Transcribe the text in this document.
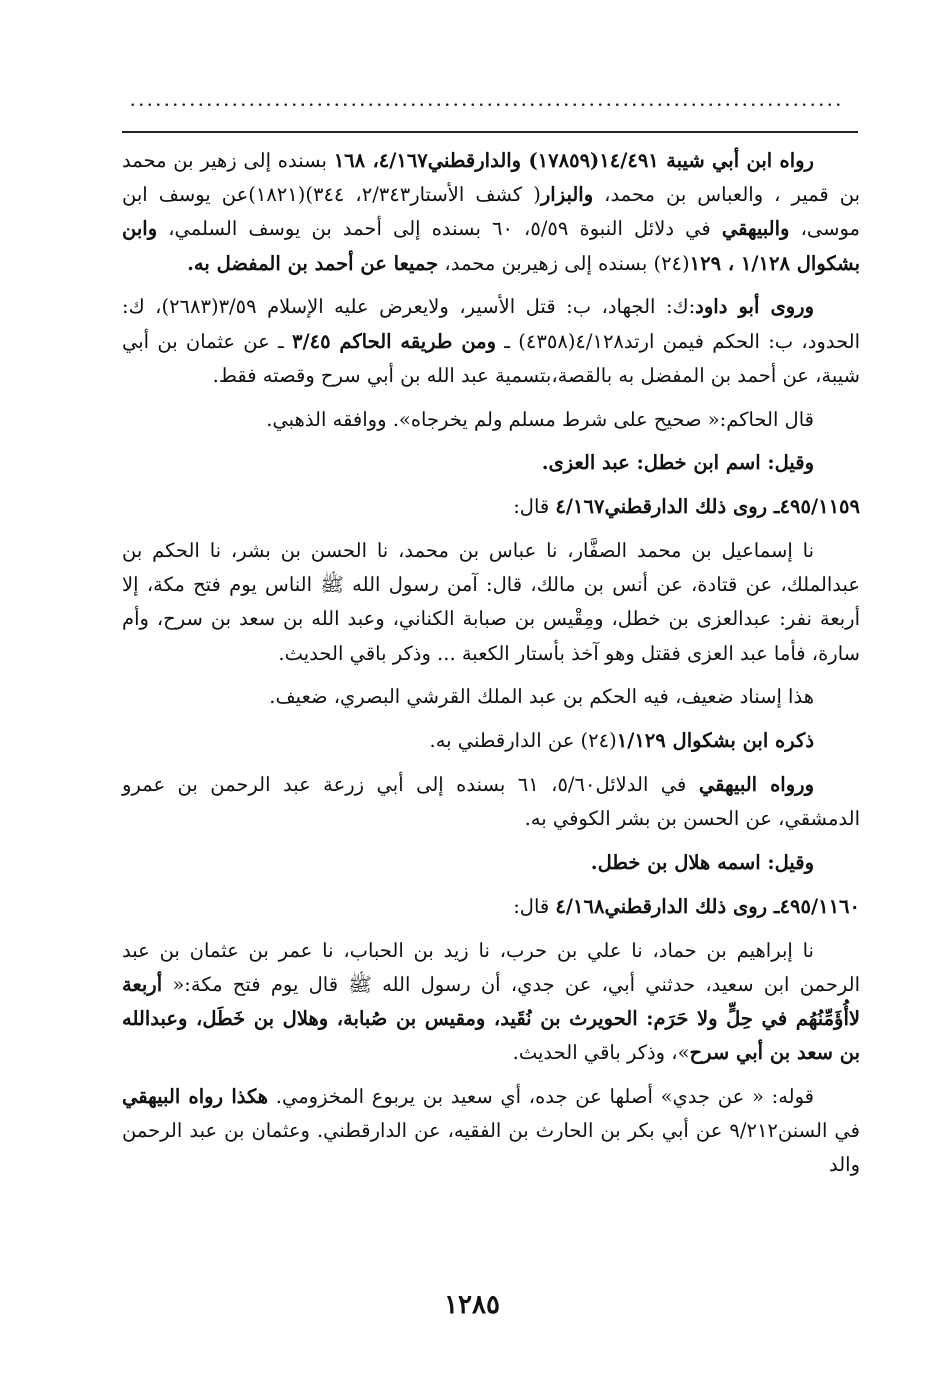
....................................................................................

رواه ابن أبي شيبة ١٤/٤٩١(١٧٨٥٩) والدارقطني٤/١٦٧، ١٦٨ بسنده إلى زهير بن محمد بن قمير ، والعباس بن محمد، والبزار( كشف الأستار٢/٣٤٣، ٣٤٤)(١٨٢١)عن يوسف ابن موسى، والبيهقي في دلائل النبوة ٥/٥٩، ٦٠ بسنده إلى أحمد بن يوسف السلمي، وابن بشكوال ١/١٢٨ ، ١٢٩(٢٤) بسنده إلى زهيربن محمد، جميعا عن أحمد بن المفضل به.

وروى أبو داود:ك: الجهاد، ب: قتل الأسير، ولايعرض عليه الإسلام ٣/٥٩(٢٦٨٣)، ك: الحدود، ب: الحكم فيمن ارتد٤/١٢٨(٤٣٥٨) ـ ومن طريقه الحاكم ٣/٤٥ ـ عن عثمان بن أبي شيبة، عن أحمد بن المفضل به بالقصة،بتسمية عبد الله بن أبي سرح وقصته فقط.

قال الحاكم:« صحيح على شرط مسلم ولم يخرجاه». ووافقه الذهبي.

وقيل: اسم ابن خطل: عبد العزى.

٤٩٥/١١٥٩ـ روى ذلك الدارقطني٤/١٦٧ قال:

نا إسماعيل بن محمد الصفَّار، نا عباس بن محمد، نا الحسن بن بشر، نا الحكم بن عبدالملك، عن قتادة، عن أنس بن مالك، قال: آمن رسول الله ﷺ الناس يوم فتح مكة، إلا أربعة نفر: عبدالعزى بن خطل، ومِقْيس بن صبابة الكناني، وعبد الله بن سعد بن سرح، وأم سارة، فأما عبد العزى فقتل وهو آخذ بأستار الكعبة ... وذكر باقي الحديث.

هذا إسناد ضعيف، فيه الحكم بن عبد الملك القرشي البصري، ضعيف.

ذكره ابن بشكوال ١/١٢٩(٢٤) عن الدارقطني به.

ورواه البيهقي في الدلائل٥/٦٠، ٦١ بسنده إلى أبي زرعة عبد الرحمن بن عمرو الدمشقي، عن الحسن بن بشر الكوفي به.

وقيل: اسمه هلال بن خطل.

٤٩٥/١١٦٠ـ روى ذلك الدارقطني٤/١٦٨ قال:

نا إبراهيم بن حماد، نا علي بن حرب، نا زيد بن الحباب، نا عمر بن عثمان بن عبد الرحمن ابن سعيد، حدثني أبي، عن جدي، أن رسول الله ﷺ قال يوم فتح مكة:« أربعة لاأُؤَمِّنُهُم في حِلٍّ ولا حَرَم: الحويرث بن نُقَيد، ومقيس بن صُبابة، وهلال بن خَطَل، وعبدالله بن سعد بن أبي سرح»، وذكر باقي الحديث.

قوله: « عن جدي» أصلها عن جده، أي سعيد بن يربوع المخزومي. هكذا رواه البيهقي في السنن٩/٢١٢ عن أبي بكر بن الحارث بن الفقيه، عن الدارقطني. وعثمان بن عبد الرحمن والد

١٢٨٥
